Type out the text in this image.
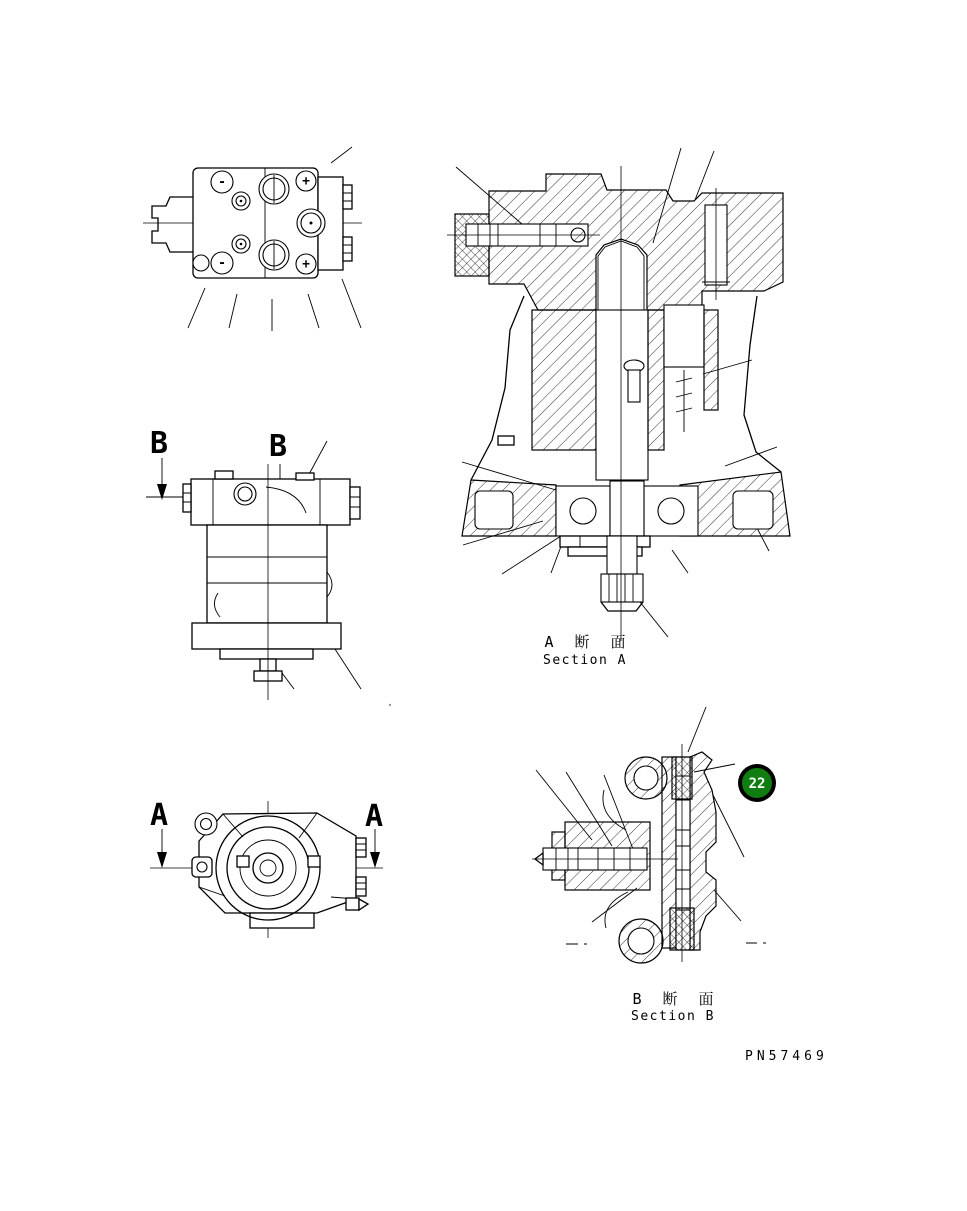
-	+
-	+
B	B
A	A
22
A 断 面
Section A
B 断 面
Section B
PN57469
